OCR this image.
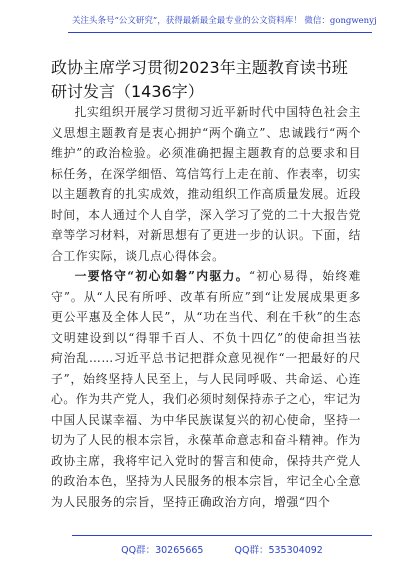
关注头条号“公文研究”，获得最新最全最专业的公文资料库！ 微信：gongwenyj
政协主席学习贯彻2023年主题教育读书班研讨发言（1436字）

扎实组织开展学习贯彻习近平新时代中国特色社会主义思想主题教育是衷心拥护“两个确立”、忠诚践行“两个维护”的政治检验。必须准确把握主题教育的总要求和目标任务，在深学细悟、笃信笃行上走在前、作表率，切实以主题教育的扎实成效，推动组织工作高质量发展。近段时间，本人通过个人自学，深入学习了党的二十大报告党章等学习材料，对新思想有了更进一步的认识。下面，结合工作实际，谈几点心得体会。

一要恪守“初心如磐”内驱力。“初心易得，始终难守”。从“人民有所呼、改革有所应”到“让发展成果更多更公平惠及全体人民”，从“功在当代、利在千秋”的生态文明建设到以“得罪千百人、不负十四亿”的使命担当祛疴治乱……习近平总书记把群众意见视作“一把最好的尺子”，始终坚持人民至上，与人民同呼吸、共命运、心连心。作为共产党人，我们必须时刻保持赤子之心，牢记为中国人民谋幸福、为中华民族谋复兴的初心使命，坚持一切为了人民的根本宗旨，永葆革命意志和奋斗精神。作为政协主席，我将牢记入党时的誓言和使命，保持共产党人的政治本色，坚持为人民服务的根本宗旨，牢记全心全意为人民服务的宗旨，坚持正确政治方向，增强“四个

QQ群：30265665	QQ群：535304092
